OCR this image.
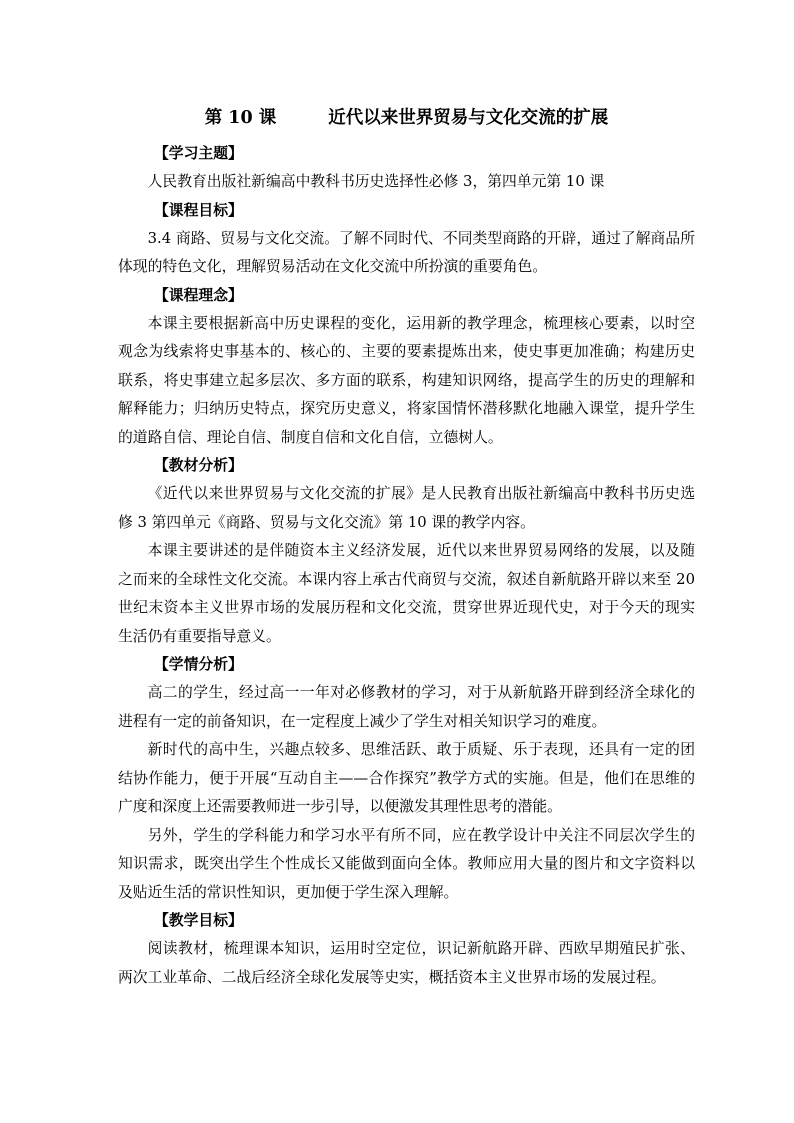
第 10 课	近代以来世界贸易与文化交流的扩展
【学习主题】

人民教育出版社新编高中教科书历史选择性必修 3，第四单元第 10 课

【课程目标】

3.4 商路、贸易与文化交流。了解不同时代、不同类型商路的开辟，通过了解商品所体现的特色文化，理解贸易活动在文化交流中所扮演的重要角色。

【课程理念】

本课主要根据新高中历史课程的变化，运用新的教学理念，梳理核心要素，以时空观念为线索将史事基本的、核心的、主要的要素提炼出来，使史事更加准确；构建历史联系，将史事建立起多层次、多方面的联系，构建知识网络，提高学生的历史的理解和解释能力；归纳历史特点，探究历史意义，将家国情怀潜移默化地融入课堂，提升学生的道路自信、理论自信、制度自信和文化自信，立德树人。

【教材分析】

《近代以来世界贸易与文化交流的扩展》是人民教育出版社新编高中教科书历史选修 3 第四单元《商路、贸易与文化交流》第 10 课的教学内容。

本课主要讲述的是伴随资本主义经济发展，近代以来世界贸易网络的发展，以及随之而来的全球性文化交流。本课内容上承古代商贸与交流，叙述自新航路开辟以来至 20 世纪末资本主义世界市场的发展历程和文化交流，贯穿世界近现代史，对于今天的现实生活仍有重要指导意义。

【学情分析】

高二的学生，经过高一一年对必修教材的学习，对于从新航路开辟到经济全球化的进程有一定的前备知识，在一定程度上减少了学生对相关知识学习的难度。

新时代的高中生，兴趣点较多、思维活跃、敢于质疑、乐于表现，还具有一定的团结协作能力，便于开展“互动自主——合作探究”教学方式的实施。但是，他们在思维的广度和深度上还需要教师进一步引导，以便激发其理性思考的潜能。

另外，学生的学科能力和学习水平有所不同，应在教学设计中关注不同层次学生的知识需求，既突出学生个性成长又能做到面向全体。教师应用大量的图片和文字资料以及贴近生活的常识性知识，更加便于学生深入理解。

【教学目标】

阅读教材，梳理课本知识，运用时空定位，识记新航路开辟、西欧早期殖民扩张、两次工业革命、二战后经济全球化发展等史实，概括资本主义世界市场的发展过程。
